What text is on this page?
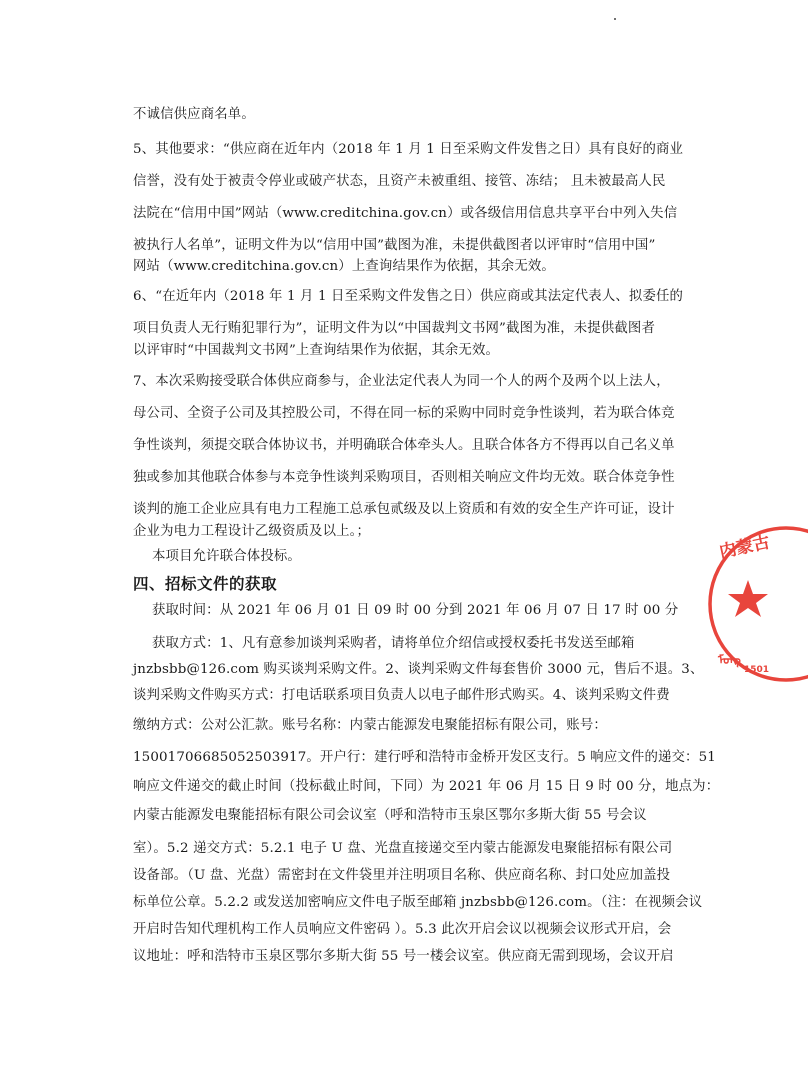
不诚信供应商名单。
5、其他要求：“供应商在近年内（2018 年 1 月 1 日至采购文件发售之日）具有良好的商业
信誉，没有处于被责令停业或破产状态，且资产未被重组、接管、冻结； 且未被最高人民
法院在“信用中国”网站（www.creditchina.gov.cn）或各级信用信息共享平台中列入失信
被执行人名单”，证明文件为以“信用中国”截图为准，未提供截图者以评审时“信用中国”
网站（www.creditchina.gov.cn）上查询结果作为依据，其余无效。
6、“在近年内（2018 年 1 月 1 日至采购文件发售之日）供应商或其法定代表人、拟委任的
项目负责人无行贿犯罪行为”，证明文件为以“中国裁判文书网”截图为准，未提供截图者
以评审时“中国裁判文书网”上查询结果作为依据，其余无效。
7、本次采购接受联合体供应商参与，企业法定代表人为同一个人的两个及两个以上法人，
母公司、全资子公司及其控股公司，不得在同一标的采购中同时竞争性谈判，若为联合体竞
争性谈判，须提交联合体协议书，并明确联合体牵头人。且联合体各方不得再以自己名义单
独或参加其他联合体参与本竞争性谈判采购项目，否则相关响应文件均无效。联合体竞争性
谈判的施工企业应具有电力工程施工总承包贰级及以上资质和有效的安全生产许可证，设计
企业为电力工程设计乙级资质及以上。；
本项目允许联合体投标。
四、招标文件的获取
获取时间：从 2021 年 06 月 01 日 09 时 00 分到 2021 年 06 月 07 日 17 时 00 分
获取方式：1、凡有意参加谈判采购者，请将单位介绍信或授权委托书发送至邮箱
jnzbsbb@126.com 购买谈判采购文件。2、谈判采购文件每套售价 3000 元，售后不退。3、
谈判采购文件购买方式：打电话联系项目负责人以电子邮件形式购买。4、谈判采购文件费
缴纳方式：公对公汇款。账号名称：内蒙古能源发电聚能招标有限公司，账号：
15001706685052503917。开户行：建行呼和浩特市金桥开发区支行。5 响应文件的递交：51
响应文件递交的截止时间（投标截止时间，下同）为 2021 年 06 月 15 日 9 时 00 分，地点为：
内蒙古能源发电聚能招标有限公司会议室（呼和浩特市玉泉区鄂尔多斯大街 55 号会议
室）。5.2 递交方式：5.2.1 电子 U 盘、光盘直接递交至内蒙古能源发电聚能招标有限公司
设备部。（U 盘、光盘）需密封在文件袋里并注明项目名称、供应商名称、封口处应加盖投
标单位公章。5.2.2 或发送加密响应文件电子版至邮箱 jnzbsbb@126.com。（注：在视频会议
开启时告知代理机构工作人员响应文件密码 ）。5.3 此次开启会议以视频会议形式开启，会
议地址：呼和浩特市玉泉区鄂尔多斯大街 55 号一楼会议室。供应商无需到现场，会议开启
内蒙古
ᠮᠣᠩ
1501
